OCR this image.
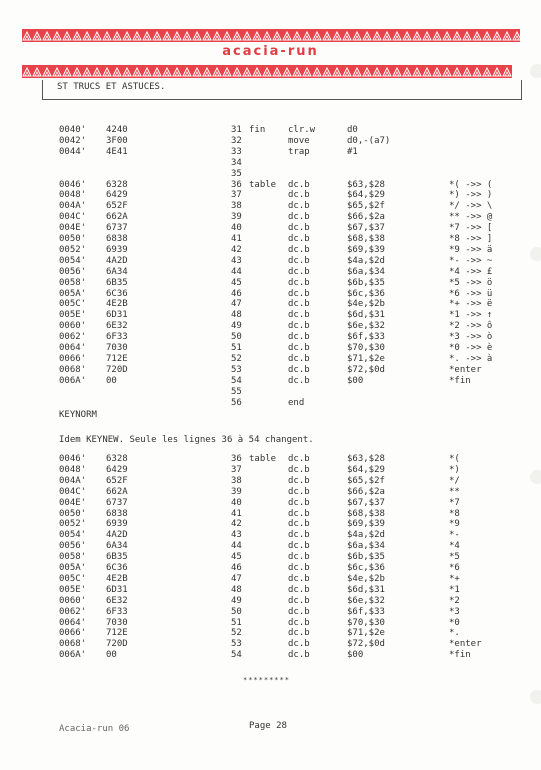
acacia-run
ST TRUCS ET ASTUCES.
0040' 4240	31 fin	clr.w	d0
0042' 3F00	32	move	d0,-(a7)
0044' 4E41	33	trap	#1
34
35
0046' 6328	36 table dc.b	$63,$28	*( ->> (
0048' 6429	37	dc.b	$64,$29	*) ->> )
004A' 652F	38	dc.b	$65,$2f	*/ ->> \
004C' 662A	39	dc.b	$66,$2a	** ->> @
004E' 6737	40	dc.b	$67,$37	*7 ->> [
0050' 6838	41	dc.b	$68,$38	*8 ->> ]
0052' 6939	42	dc.b	$69,$39	*9 ->> ä
0054' 4A2D	43	dc.b	$4a,$2d	*- ->> ~
0056' 6A34	44	dc.b	$6a,$34	*4 ->> £
0058' 6B35	45	dc.b	$6b,$35	*5 ->> ö
005A' 6C36	46	dc.b	$6c,$36	*6 ->> ü
005C' 4E2B	47	dc.b	$4e,$2b	*+ ->> ë
005E' 6D31	48	dc.b	$6d,$31	*1 ->> ↑
0060' 6E32	49	dc.b	$6e,$32	*2 ->> ô
0062' 6F33	50	dc.b	$6f,$33	*3 ->> ò
0064' 7030	51	dc.b	$70,$30	*0 ->> è
0066' 712E	52	dc.b	$71,$2e	*. ->> à
0068' 720D	53	dc.b	$72,$0d	*enter
006A' 00	54	dc.b	$00	*fin
55
56	end
KEYNORM
Idem KEYNEW. Seule les lignes 36 à 54 changent.
0046' 6328	36 table dc.b	$63,$28	*(
0048' 6429	37	dc.b	$64,$29	*)
004A' 652F	38	dc.b	$65,$2f	*/
004C' 662A	39	dc.b	$66,$2a	**
004E' 6737	40	dc.b	$67,$37	*7
0050' 6838	41	dc.b	$68,$38	*8
0052' 6939	42	dc.b	$69,$39	*9
0054' 4A2D	43	dc.b	$4a,$2d	*-
0056' 6A34	44	dc.b	$6a,$34	*4
0058' 6B35	45	dc.b	$6b,$35	*5
005A' 6C36	46	dc.b	$6c,$36	*6
005C' 4E2B	47	dc.b	$4e,$2b	*+
005E' 6D31	48	dc.b	$6d,$31	*1
0060' 6E32	49	dc.b	$6e,$32	*2
0062' 6F33	50	dc.b	$6f,$33	*3
0064' 7030	51	dc.b	$70,$30	*0
0066' 712E	52	dc.b	$71,$2e	*.
0068' 720D	53	dc.b	$72,$0d	*enter
006A' 00	54	dc.b	$00	*fin
*********
Acacia-run 06	Page 28
